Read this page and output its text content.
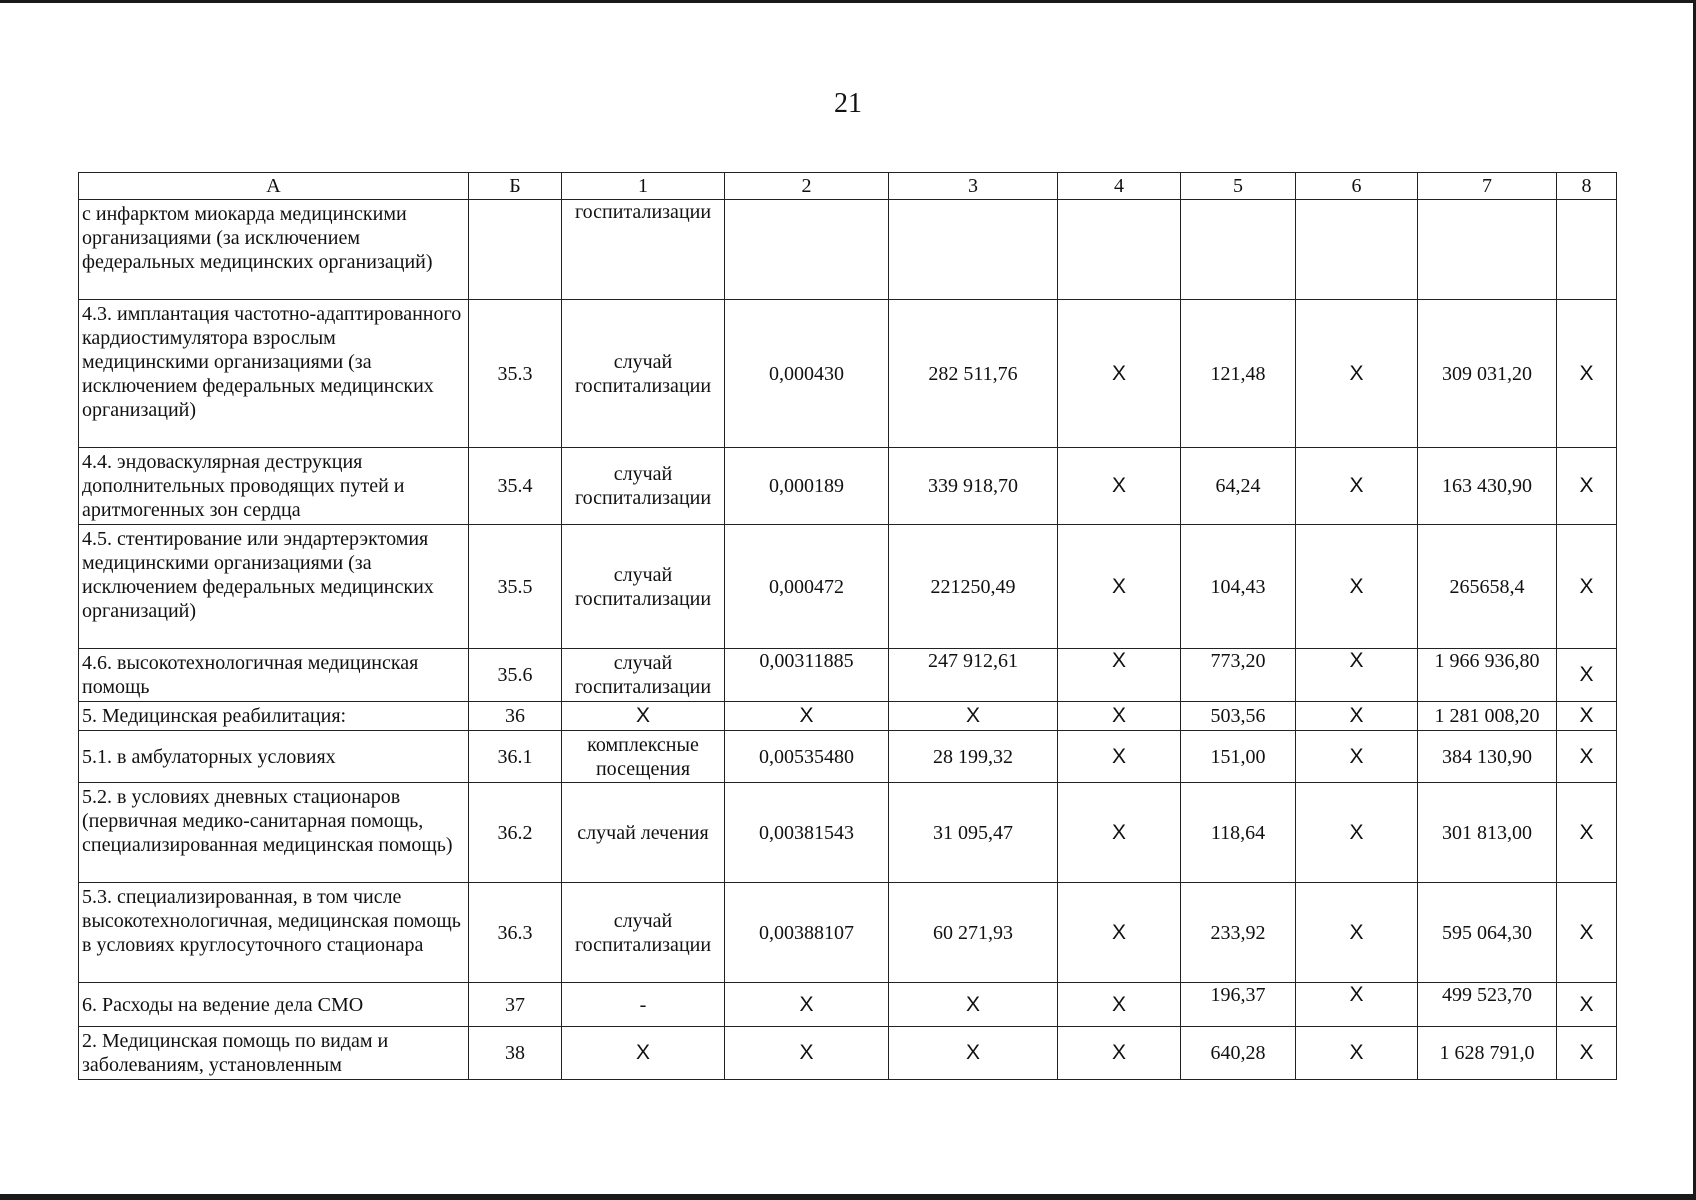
21
А	Б	1	2	3	4	5	6	7	8
с инфарктом миокарда медицинскими организациями (за исключением федеральных медицинских организаций)		госпитализации							
4.3. имплантация частотно-адаптированного кардиостимулятора взрослым медицинскими организациями (за исключением федеральных медицинских организаций)	35.3	случай госпитализации	0,000430	282 511,76	Х	121,48	Х	309 031,20	Х
4.4. эндоваскулярная деструкция дополнительных проводящих путей и аритмогенных зон сердца	35.4	случай госпитализации	0,000189	339 918,70	Х	64,24	Х	163 430,90	Х
4.5. стентирование или эндартерэктомия медицинскими организациями (за исключением федеральных медицинских организаций)	35.5	случай госпитализации	0,000472	221250,49	Х	104,43	Х	265658,4	Х
4.6. высокотехнологичная медицинская помощь	35.6	случай госпитализации	0,00311885	247 912,61	Х	773,20	Х	1 966 936,80	Х
5. Медицинская реабилитация:	36	Х	Х	Х	Х	503,56	Х	1 281 008,20	Х
5.1. в амбулаторных условиях	36.1	комплексные посещения	0,00535480	28 199,32	Х	151,00	Х	384 130,90	Х
5.2. в условиях дневных стационаров (первичная медико-санитарная помощь, специализированная медицинская помощь)	36.2	случай лечения	0,00381543	31 095,47	Х	118,64	Х	301 813,00	Х
5.3. специализированная, в том числе высокотехнологичная, медицинская помощь в условиях круглосуточного стационара	36.3	случай госпитализации	0,00388107	60 271,93	Х	233,92	Х	595 064,30	Х
6. Расходы на ведение дела СМО	37	-	Х	Х	Х	196,37	Х	499 523,70	Х
2. Медицинская помощь по видам и заболеваниям, установленным	38	Х	Х	Х	Х	640,28	Х	1 628 791,0	Х
